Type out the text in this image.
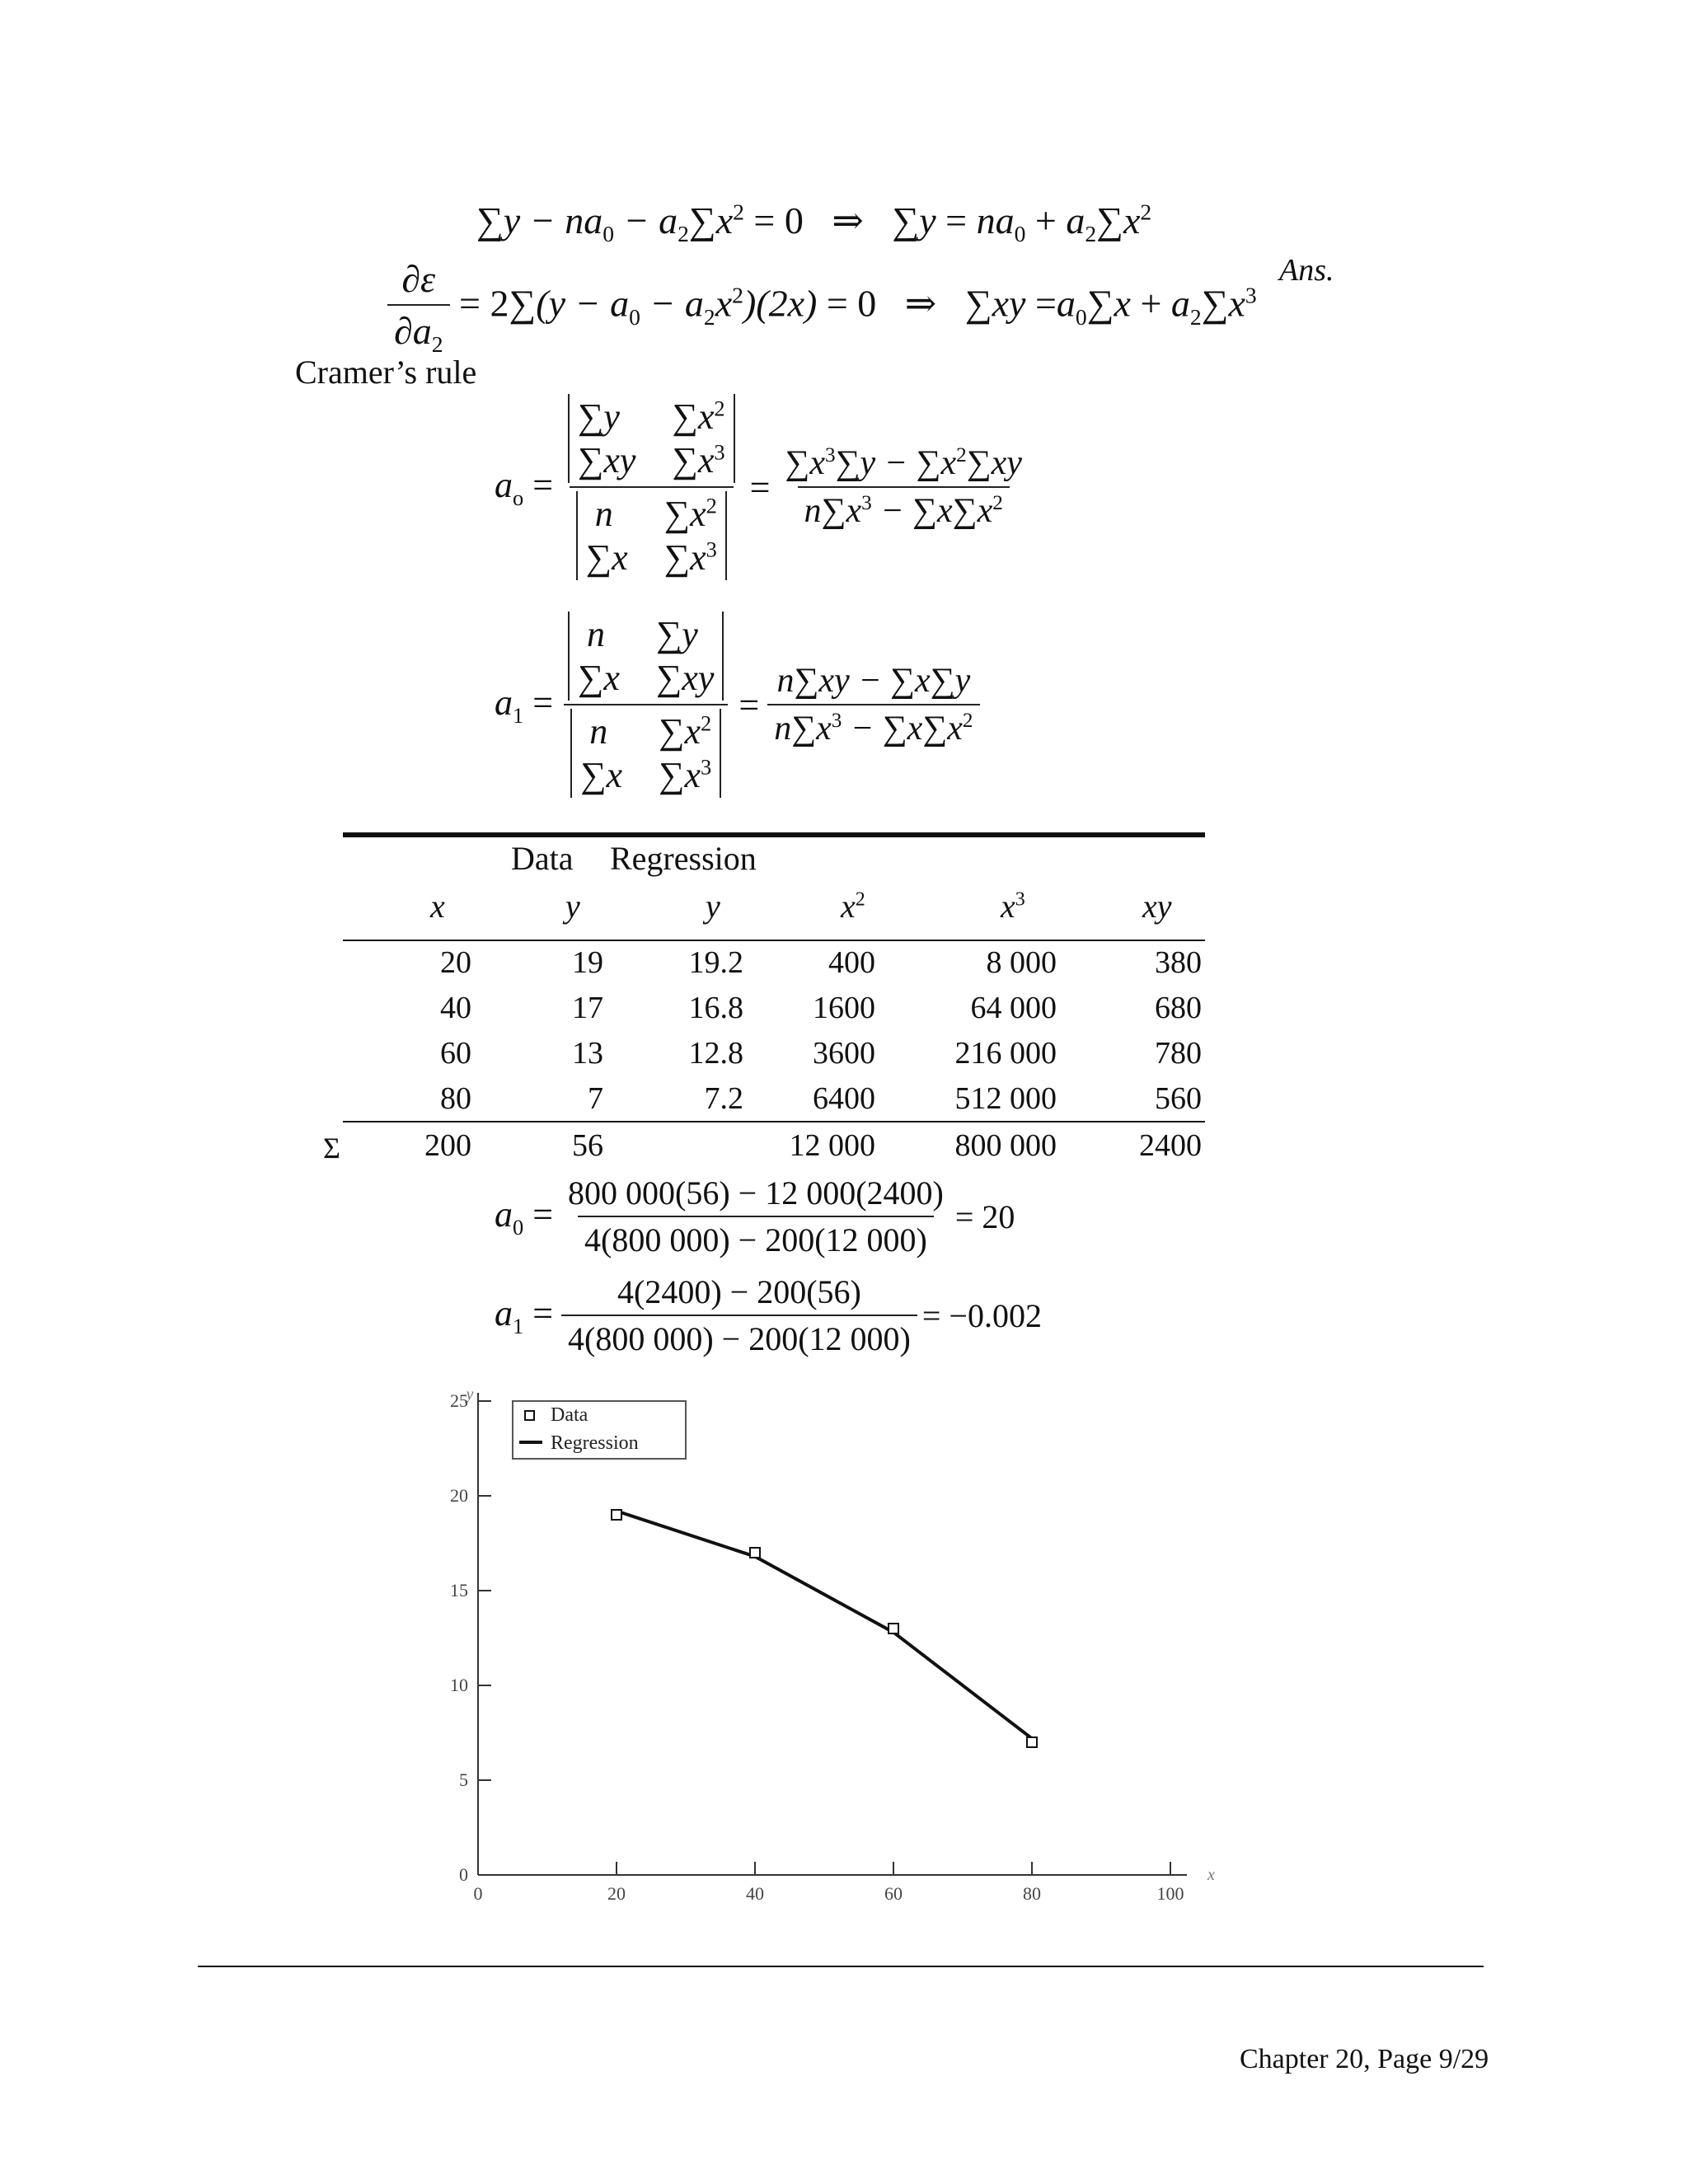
$\sum y - na_0 - a_2\sum x^2 = 0$ ⇒   $\sum y = na_0 + a_2\sum x^2$
$\frac{\partial\varepsilon}{\partial a_2} = 2\sum(y - a_0 - a_2x^2)(2x) = 0$ ⇒   $\sum xy =a_0\sum x + a_2\sum x^3$
Ans.
Cramer’s rule
$a_o = \sum y$	$\sum x^2$
∑xy $\sum x^3$
n	$\sum x^2$
∑x $\sum x^3 = \frac{\sum x^3\sum y - \sum x^2\sum xy}{n\sum x^3 - \sum x\sum x^2}$
$a_1 = n$	∑y
∑x ∑xy
n	$\sum x^2$
∑x $\sum x^3 = \frac{n\sum xy - \sum x\sum y}{n\sum x^3 - \sum x\sum x^2}$
Data Regression
x	y	y	$x^2$	$x^3$	xy
20	19	19.2	400	8 000	380
40	17	16.8	1600	64 000	680
60	13	12.8	3600	216 000	780
80	7	7.2	6400	512 000	560
Σ	200	56		12 000	800 000	2400
$a_0 = \frac{800 000(56) - 12 000(2400)}{4(800 000) - 200(12 000)} = 20$
$a_1 = \frac{4(2400) - 200(56)}{4(800 000) - 200(12 000)} = -0.002$
y
x
0
5
10
15
20
25
0	20	40	60	80	100
Data
Regression
Chapter 20, Page 9/29
